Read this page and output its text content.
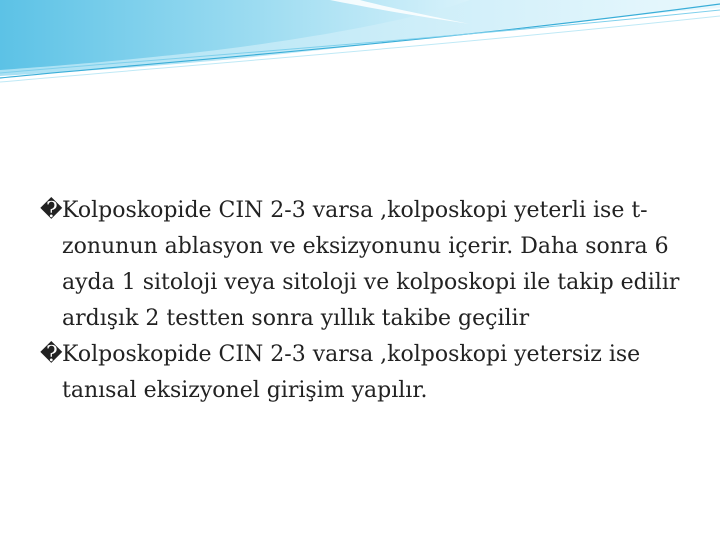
� Kolposkopide CIN 2-3 varsa ,kolposkopi yeterli ise t-zonunun ablasyon ve eksizyonunu içerir. Daha sonra 6 ayda 1 sitoloji veya sitoloji ve kolposkopi ile takip edilir ardışık 2 testten sonra yıllık takibe geçilir

� Kolposkopide CIN 2-3 varsa ,kolposkopi yetersiz ise tanısal eksizyonel girişim yapılır.
